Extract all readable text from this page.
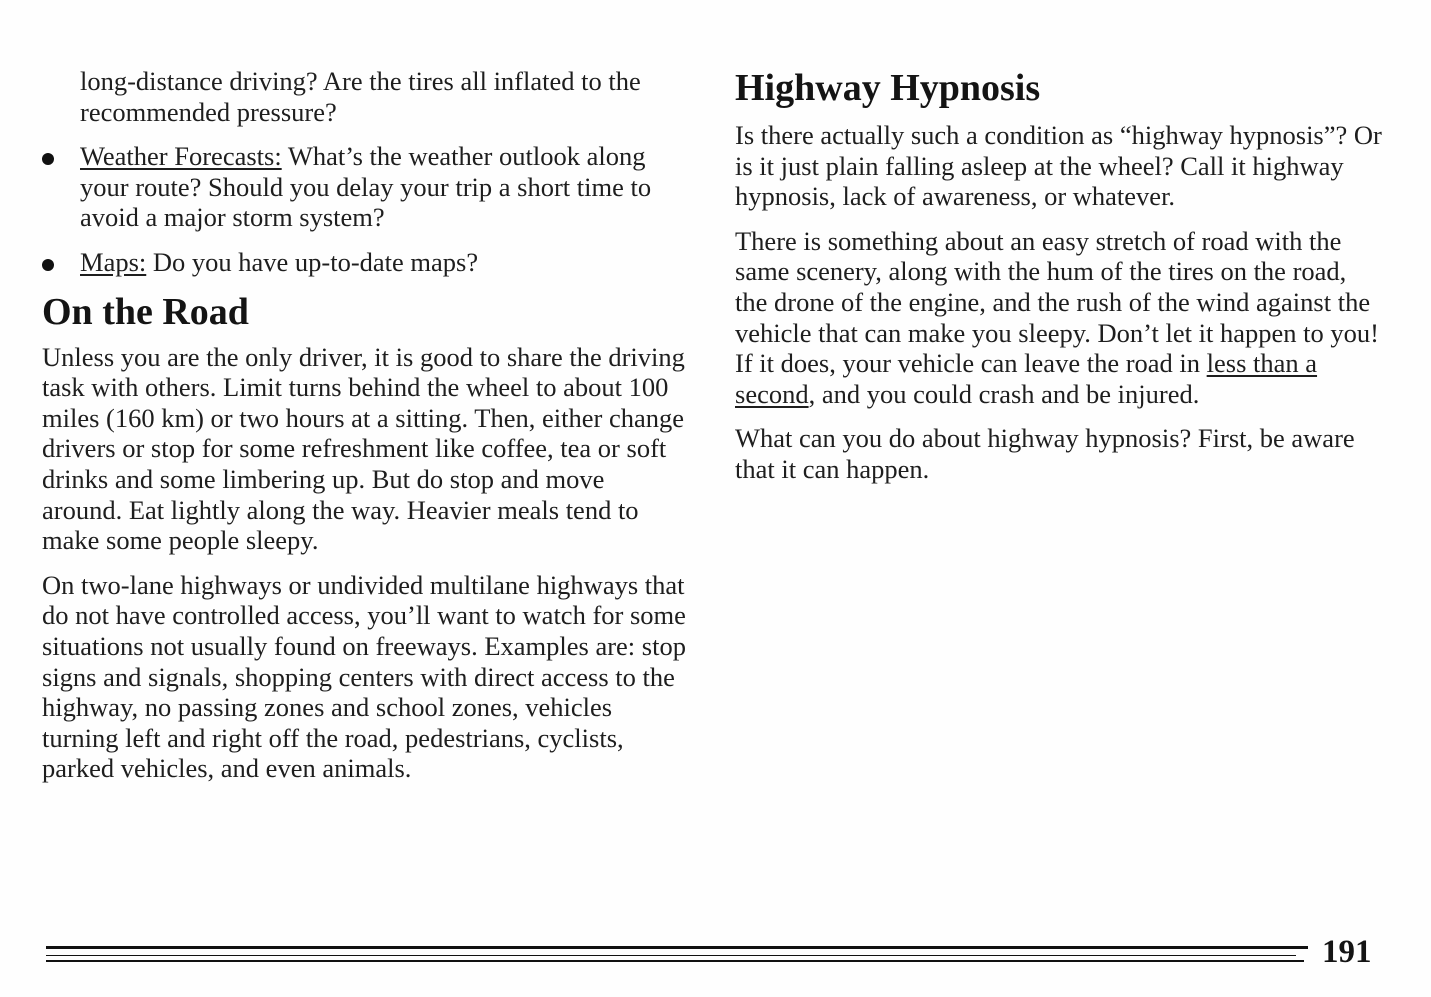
long-distance driving? Are the tires all inflated to the recommended pressure?

Weather Forecasts: What’s the weather outlook along your route? Should you delay your trip a short time to avoid a major storm system?

Maps: Do you have up-to-date maps?

On the Road

Unless you are the only driver, it is good to share the driving task with others. Limit turns behind the wheel to about 100 miles (160 km) or two hours at a sitting. Then, either change drivers or stop for some refreshment like coffee, tea or soft drinks and some limbering up. But do stop and move around. Eat lightly along the way. Heavier meals tend to make some people sleepy.

On two-lane highways or undivided multilane highways that do not have controlled access, you’ll want to watch for some situations not usually found on freeways. Examples are: stop signs and signals, shopping centers with direct access to the highway, no passing zones and school zones, vehicles turning left and right off the road, pedestrians, cyclists, parked vehicles, and even animals.

Highway Hypnosis

Is there actually such a condition as “highway hypnosis”? Or is it just plain falling asleep at the wheel? Call it highway hypnosis, lack of awareness, or whatever.

There is something about an easy stretch of road with the same scenery, along with the hum of the tires on the road, the drone of the engine, and the rush of the wind against the vehicle that can make you sleepy. Don’t let it happen to you! If it does, your vehicle can leave the road in less than a second, and you could crash and be injured.

What can you do about highway hypnosis? First, be aware that it can happen.

191
